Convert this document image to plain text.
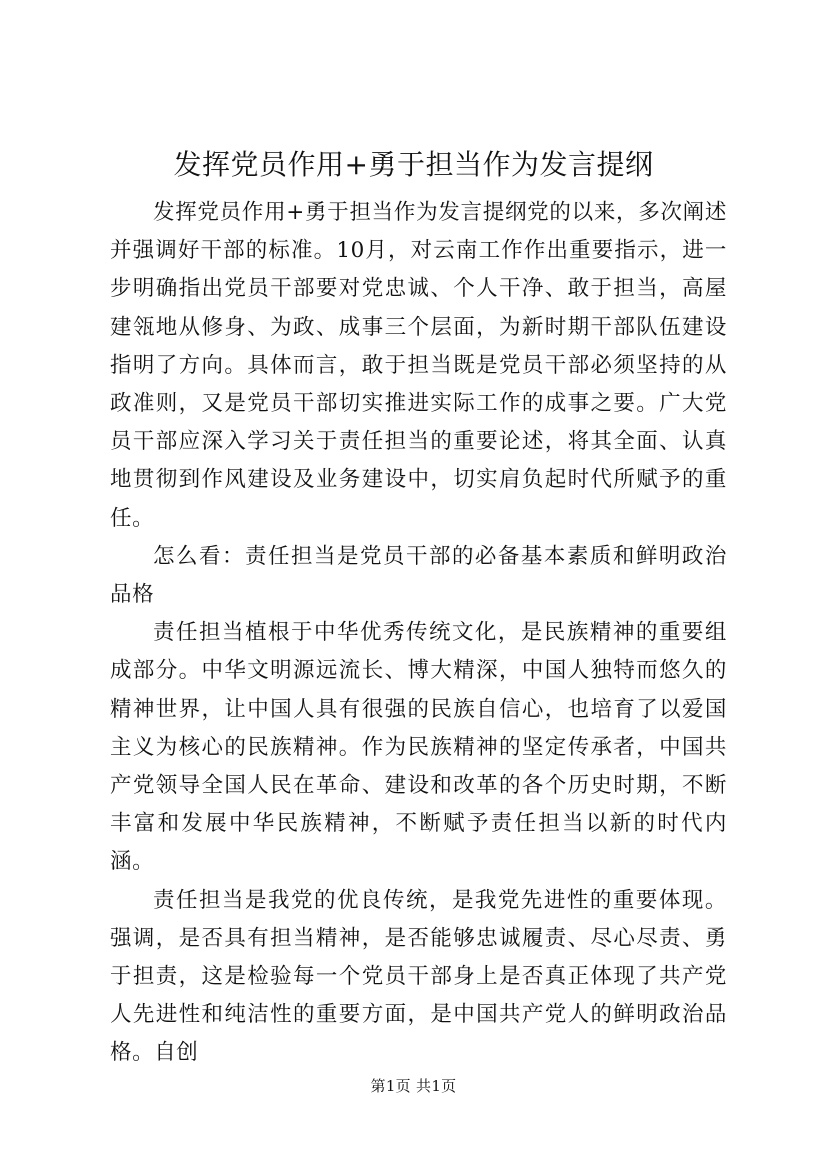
发挥党员作用+勇于担当作为发言提纲

发挥党员作用+勇于担当作为发言提纲党的以来，多次阐述并强调好干部的标准。10月，对云南工作作出重要指示，进一步明确指出党员干部要对党忠诚、个人干净、敢于担当，高屋建瓴地从修身、为政、成事三个层面，为新时期干部队伍建设指明了方向。具体而言，敢于担当既是党员干部必须坚持的从政准则，又是党员干部切实推进实际工作的成事之要。广大党员干部应深入学习关于责任担当的重要论述，将其全面、认真地贯彻到作风建设及业务建设中，切实肩负起时代所赋予的重任。

怎么看：责任担当是党员干部的必备基本素质和鲜明政治品格

责任担当植根于中华优秀传统文化，是民族精神的重要组成部分。中华文明源远流长、博大精深，中国人独特而悠久的精神世界，让中国人具有很强的民族自信心，也培育了以爱国主义为核心的民族精神。作为民族精神的坚定传承者，中国共产党领导全国人民在革命、建设和改革的各个历史时期，不断丰富和发展中华民族精神，不断赋予责任担当以新的时代内涵。

责任担当是我党的优良传统，是我党先进性的重要体现。强调，是否具有担当精神，是否能够忠诚履责、尽心尽责、勇于担责，这是检验每一个党员干部身上是否真正体现了共产党人先进性和纯洁性的重要方面，是中国共产党人的鲜明政治品格。自创

第1页 共1页
